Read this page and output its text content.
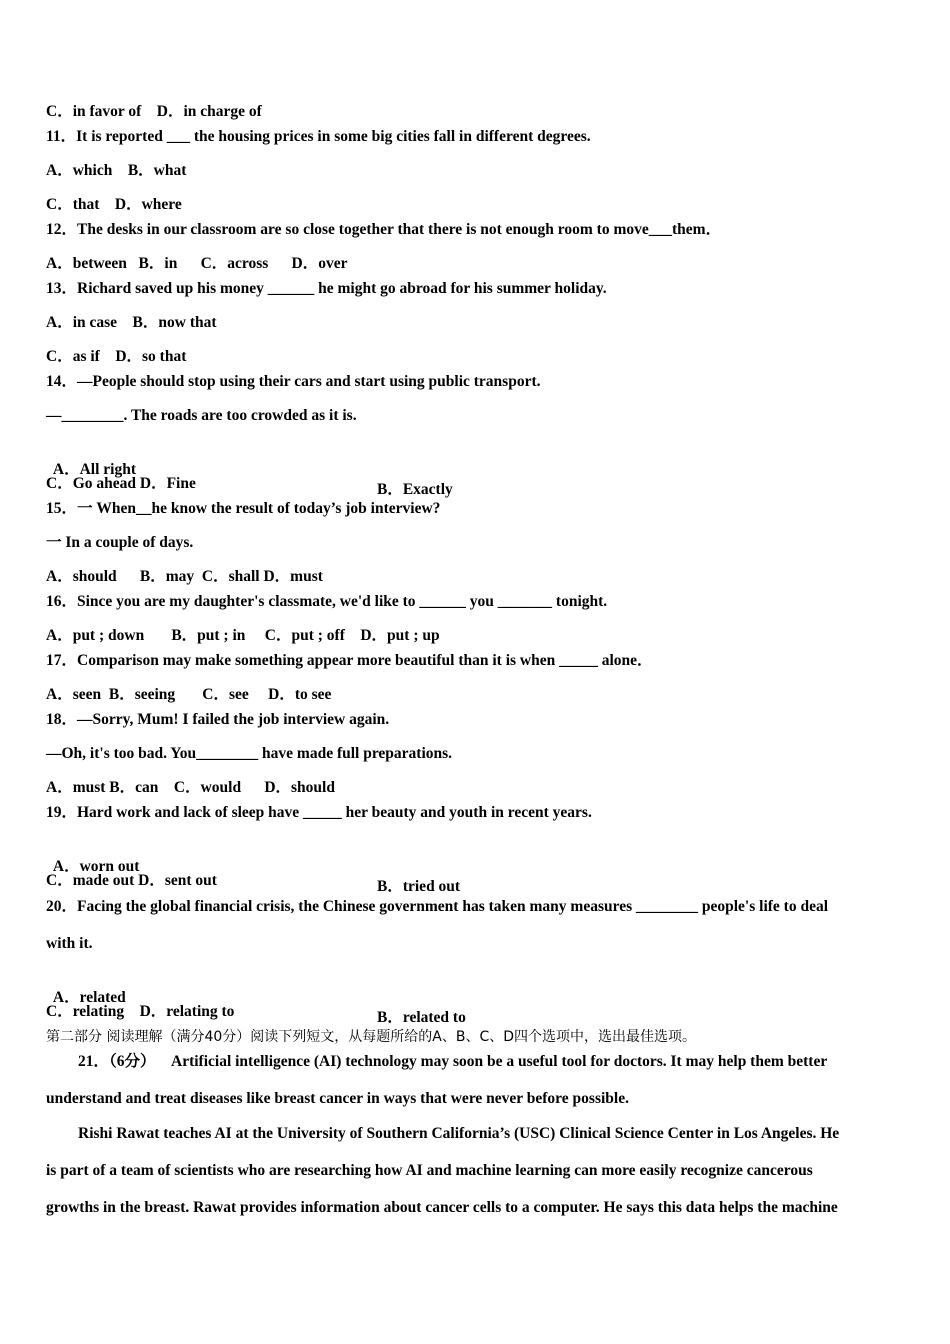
C．in favor of    D．in charge of

11．It is reported ___ the housing prices in some big cities fall in different degrees.

A．which    B．what

C．that    D．where

12．The desks in our classroom are so close together that there is not enough room to move___them．

A．between   B．in      C．across      D．over

13．Richard saved up his money ______ he might go abroad for his summer holiday.

A．in case    B．now that

C．as if    D．so that

14．—People should stop using their cars and start using public transport.

—________. The roads are too crowded as it is.

A．All right

B．Exactly

C．Go ahead D．Fine

15．一 When__he know the result of today’s job interview?

一 In a couple of days.

A．should      B．may  C．shall D．must

16．Since you are my daughter's classmate, we'd like to ______ you _______ tonight.

A．put ; down       B．put ; in     C．put ; off    D．put ; up

17．Comparison may make something appear more beautiful than it is when _____ alone．

A．seen  B．seeing       C．see     D．to see

18．—Sorry, Mum! I failed the job interview again.

—Oh, it's too bad. You________ have made full preparations.

A．must B．can    C．would      D．should

19．Hard work and lack of sleep have _____ her beauty and youth in recent years.

A．worn out

B．tried out

C．made out D．sent out

20．Facing the global financial crisis, the Chinese government has taken many measures ________ people's life to deal

with it.

A．related

B．related to

C．relating    D．relating to

第二部分 阅读理解（满分40分）阅读下列短文，从每题所给的A、B、C、D四个选项中，选出最佳选项。

21．（6分）    Artificial intelligence (AI) technology may soon be a useful tool for doctors. It may help them better

understand and treat diseases like breast cancer in ways that were never before possible.

Rishi Rawat teaches AI at the University of Southern California’s (USC) Clinical Science Center in Los Angeles. He

is part of a team of scientists who are researching how AI and machine learning can more easily recognize cancerous

growths in the breast. Rawat provides information about cancer cells to a computer. He says this data helps the machine
